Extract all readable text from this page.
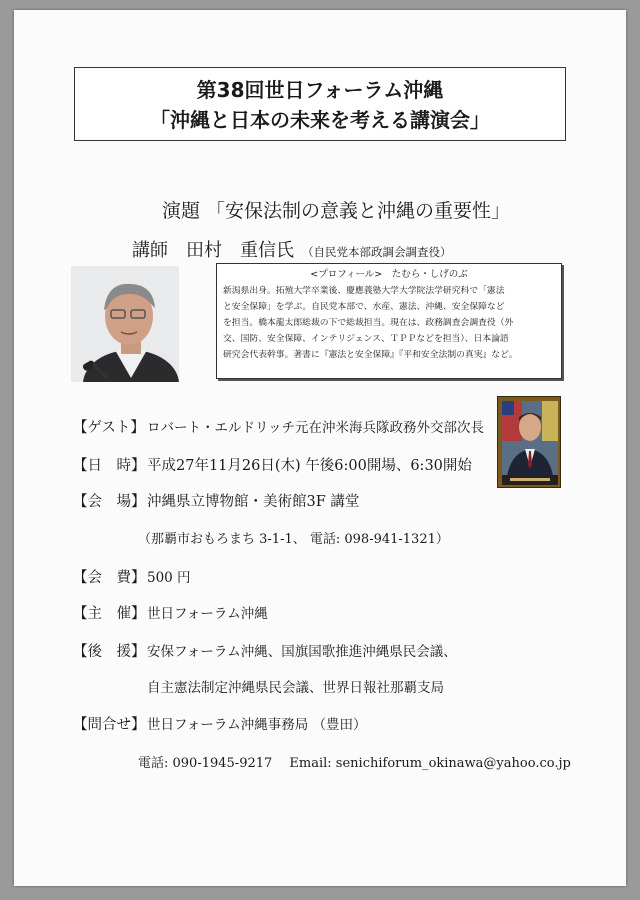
第38回世日フォーラム沖縄
「沖縄と日本の未来を考える講演会」
演題 「安保法制の意義と沖縄の重要性」
講師　田村　重信氏 （自民党本部政調会調査役）
<プロフィール>　たむら・しげのぶ
新潟県出身。拓殖大学卒業後、慶應義塾大学大学院法学研究科で「憲法
と安全保障」を学ぶ。自民党本部で、水産、憲法、沖縄、安全保障など
を担当。橋本龍太郎総裁の下で総裁担当。現在は、政務調査会調査役（外
交、国防、安全保障、インテリジェンス、ＴＰＰなどを担当）、日本論語
研究会代表幹事。著書に『憲法と安全保障』『平和安全法制の真実』など。
【ゲスト】 ロバート・エルドリッチ元在沖米海兵隊政務外交部次長
【日　時】 平成27年11月26日(木) 午後6:00開場、6:30開始
【会　場】 沖縄県立博物館・美術館3F 講堂
（那覇市おもろまち 3-1-1、 電話: 098-941-1321）
【会　費】 500 円
【主　催】 世日フォーラム沖縄
【後　援】 安保フォーラム沖縄、国旗国歌推進沖縄県民会議、
自主憲法制定沖縄県民会議、世界日報社那覇支局
【問合せ】 世日フォーラム沖縄事務局 （豊田）
電話: 090-1945-9217　 Email: senichiforum_okinawa@yahoo.co.jp
